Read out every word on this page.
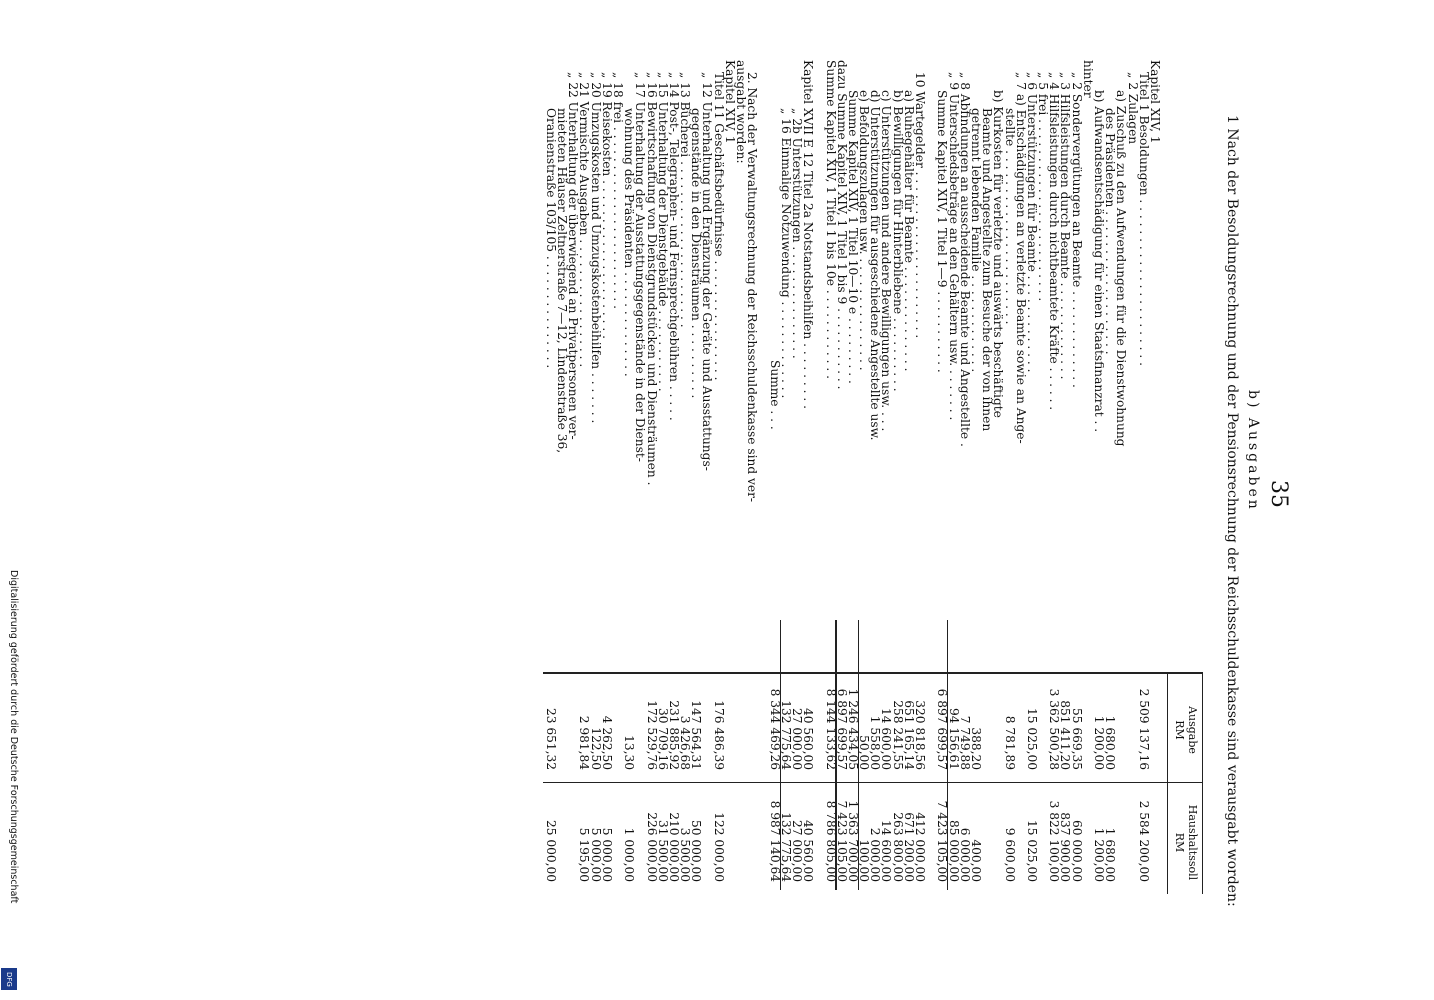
35
b) Ausgaben
1 Nach der Besoldungsrechnung und der Pensionsrechnung der Reichsschuldenkasse sind verausgabt worden:
Ausgabe
RM
Haushaltssoll
RM
Kapitel XIV, 1
Titel 1 Besoldungen . . . . . . . . . . . . . . . . . . . . . .
2 509 137,16
2 584 200,00
„ 2 Zulagen
a) Zuschuß zu den Aufwendungen für die Dienstwohnung
des Präsidenten . . . . . . . . . . . . . . . . . . .
1 680,00
1 680,00
b) Aufwandsentschädigung für einen Staatsfinanzrat . .
1 200,00
1 200,00
hinter
„ 2 Sondervergütungen an Beamte . . . . . . . . . . . . .
55 669,35
60 000,00
„ 3 Hilfsleistungen durch Beamte . . . . . . . . . . . . .
851 411,20
837 900,00
„ 4 Hilfsleistungen durch nichtbeamtete Kräfte . . . . . .
3 362 500,28
3 822 100,00
„ 5 frei . . . . . . . . . . . . . . . . . . . . . . . .
„ 6 Unterstützungen für Beamte . . . . . . . . . . . . .
15 025,00
15 025,00
„ 7 a) Entschädigungen an verletzte Beamte sowie an Ange-
stellte . . . . . . . . . . . . . . . . . . . . . . .
8 781,89
9 600,00
b) Kurkosten für verletzte und auswärts beschäftigte
Beamte und Angestellte zum Besuche der von ihnen
getrennt lebenden Familie . . . . . . . . . . . . .
388,20
400,00
„ 8 Abfindungen an ausscheidende Beamte und Angestellte .
7 749,88
6 000,00
„ 9 Unterschiedsbeträge an den Gehältern usw. . . . . . . .
94 156,61
85 000,00
Summe Kapitel XIV, 1 Titel 1—9 . . . . . . . . . . .
6 897 699,57
7 423 105,00
10 Wartegelder . . . . . . . . . . . . . . . . . . . . . .
320 818,56
412 000,00
a) Ruhegehälter für Beamte . . . . . . . . . . . . . .
651 165,14
671 200,00
b) Bewilligungen für Hinterbliebene . . . . . . . . . .
258 241,55
263 800,00
c) Unterstützungen und andere Bewilligungen usw. . . .
14 600,00
14 600,00
d) Unterstützungen für ausgeschiedene Angestellte usw.
1 558,00
2 000,00
e) Befoldungszulagen usw. . . . . . . . . . . . . . . .
50,00
100,00
Summe Kapitel XIV, 1 Titel 10—10 e . . . . . . . . .
1 246 434,05
1 363 700,00
dazu Summe Kapitel XIV, 1 Titel 1 bis 9 . . . . . . . . . . .
6 897 699,57
7 423 105,00
Summe Kapitel XIV, 1 Titel 1 bis 10e . . . . . . . . . . . .
8 144 133,62
8 786 805,00
Kapitel XVII E 12 Titel 2a Notstandsbeihilfen . . . . . . . . .
40 560,00
40 560,00
„ 2b Unterstützungen . . . . . . . . . . . . . . .
27 000,00
27 000,00
„ 16 Einmalige Notzuwendung . . . . . . . . . . . . .
132 775,64
132 775,64
Summe . . .
8 344 469,26
8 987 140,64
2. Nach der Verwaltungsrechnung der Reichsschuldenkasse sind ver-
ausgabt worden:
Kapitel XIV, 1
Titel 11 Geschäftsbedürfnisse . . . . . . . . . . . . . . . .
176 486,39
122 000,00
„ 12 Unterhaltung und Ergänzung der Geräte und Ausstattungs-
gegenstände in den Diensträumen . . . . . . . . . .
147 564,31
50 000,00
„ 13 Bücherei . . . . . . . . . . . . . . . . . . . . . .
3 426,68
3 500,00
„ 14 Post-, Telegraphen- und Fernsprechgebühren . . . . .
231 885,92
210 000,00
„ 15 Unterhaltung der Dienstgebäude . . . . . . . . . . .
30 709,16
31 500,00
„ 16 Bewirtschaftung von Dienstgrundstücken und Diensträumen .
172 529,76
226 000,00
„ 17 Unterhaltung der Ausstattungsgegenstände in der Dienst-
wohnung des Präsidenten . . . . . . . . . . . . . .
13,30
1 000,00
„ 18 frei . . . . . . . . . . . . . . . . . . . . . . . .
„ 19 Reisekosten . . . . . . . . . . . . . . . . . . . . .
4 262,50
5 000,00
„ 20 Umzugskosten und Umzugskostenbeihilfen . . . . . . .
122,50
5 000,00
„ 21 Vermischte Ausgaben . . . . . . . . . . . . . . . . .
2 981,84
5 195,00
„ 22 Unterhaltung der überwiegend an Privatpersonen ver-
mieteten Häuser Zeltnerstraße 7—12, Lindenstraße 36,
Oranienstraße 103/105 . . . . . . . . . . . . . . .
23 651,32
25 000,00
Digitalisierung gefördert durch die Deutsche Forschungsgemeinschaft
DFG
